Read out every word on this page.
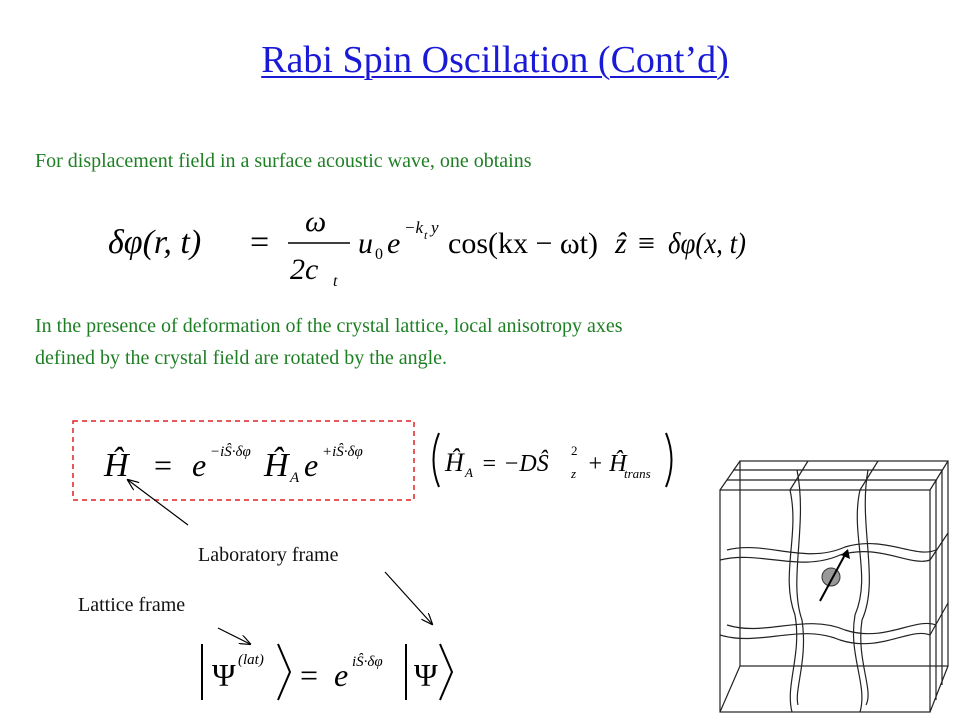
Rabi Spin Oscillation (Cont’d)
For displacement field in a surface acoustic wave, one obtains
δφ(r, t) =
ω
2c t
u 0 e −k t y cos(kx − ωt) ẑ ≡ δφ(x, t)
In the presence of deformation of the crystal lattice, local anisotropy axes
defined by the crystal field are rotated by the angle.
Ĥ = e −iŜ·δφ Ĥ A e +iŜ·δφ	Ĥ A = −DŜ
2
z + Ĥ
trans
Laboratory frame
Lattice frame
Ψ (lat) = e iŜ·δφ Ψ
